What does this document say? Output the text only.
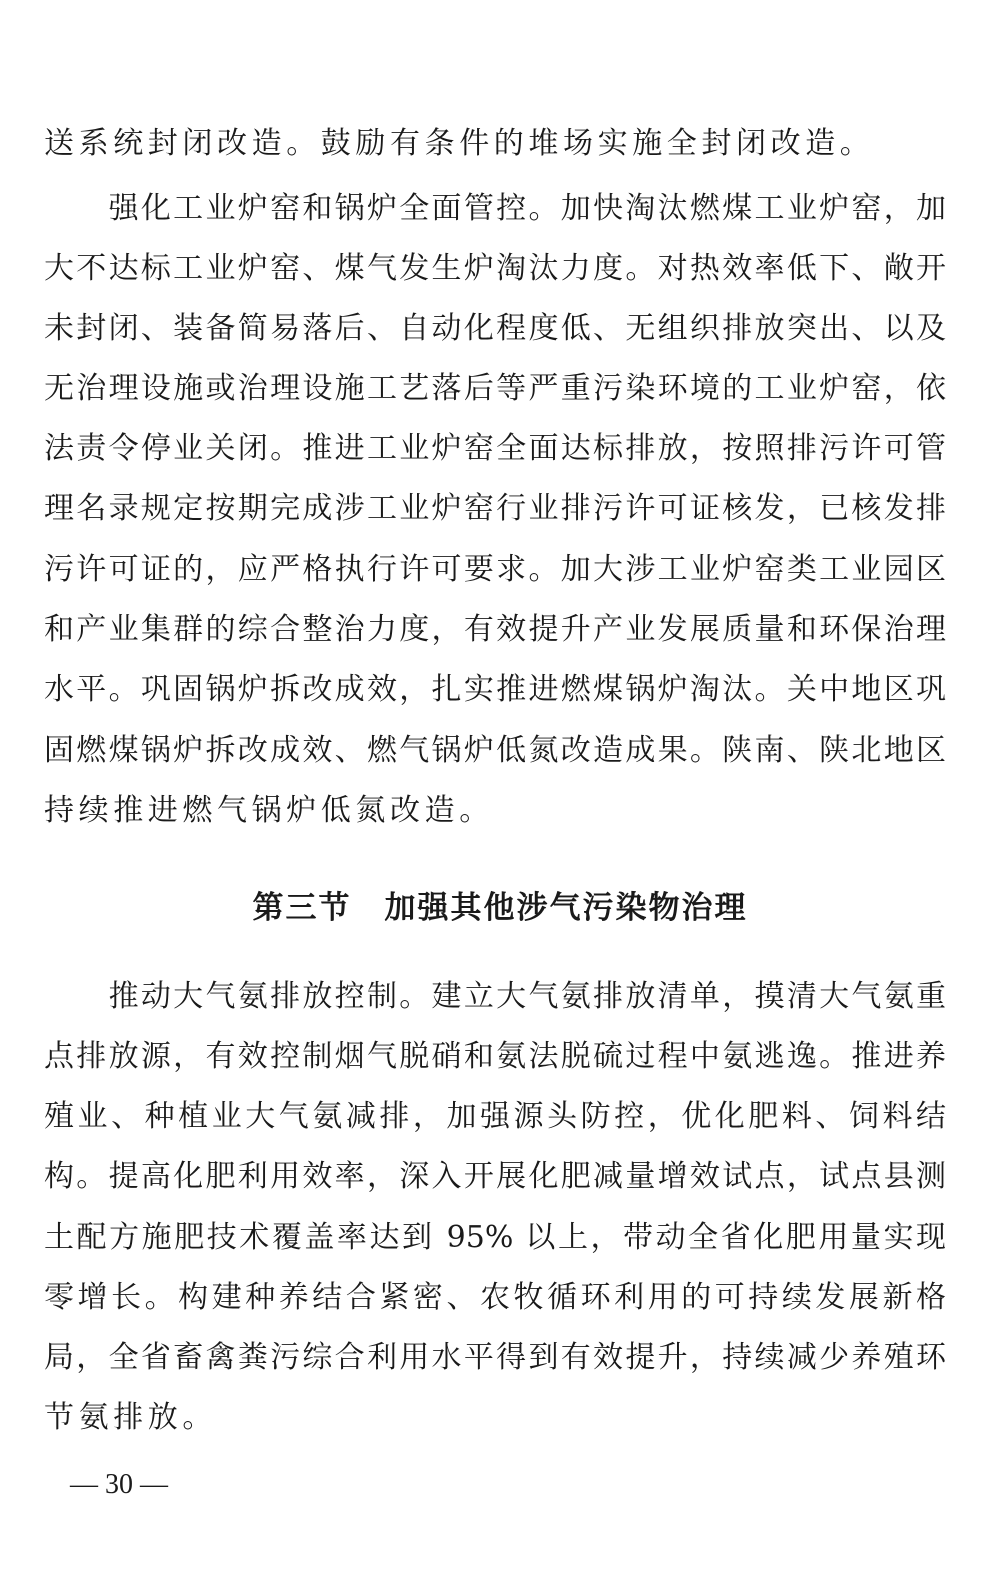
送系统封闭改造。鼓励有条件的堆场实施全封闭改造。
　　强化工业炉窑和锅炉全面管控。加快淘汰燃煤工业炉窑，加
大不达标工业炉窑、煤气发生炉淘汰力度。对热效率低下、敞开
未封闭、装备简易落后、自动化程度低、无组织排放突出、以及
无治理设施或治理设施工艺落后等严重污染环境的工业炉窑，依
法责令停业关闭。推进工业炉窑全面达标排放，按照排污许可管
理名录规定按期完成涉工业炉窑行业排污许可证核发，已核发排
污许可证的，应严格执行许可要求。加大涉工业炉窑类工业园区
和产业集群的综合整治力度，有效提升产业发展质量和环保治理
水平。巩固锅炉拆改成效，扎实推进燃煤锅炉淘汰。关中地区巩
固燃煤锅炉拆改成效、燃气锅炉低氮改造成果。陕南、陕北地区
持续推进燃气锅炉低氮改造。
第三节　加强其他涉气污染物治理
　　推动大气氨排放控制。建立大气氨排放清单，摸清大气氨重
点排放源，有效控制烟气脱硝和氨法脱硫过程中氨逃逸。推进养
殖业、种植业大气氨减排，加强源头防控，优化肥料、饲料结
构。提高化肥利用效率，深入开展化肥减量增效试点，试点县测
土配方施肥技术覆盖率达到 95% 以上，带动全省化肥用量实现
零增长。构建种养结合紧密、农牧循环利用的可持续发展新格
局，全省畜禽粪污综合利用水平得到有效提升，持续减少养殖环
节氨排放。
— 30 —
